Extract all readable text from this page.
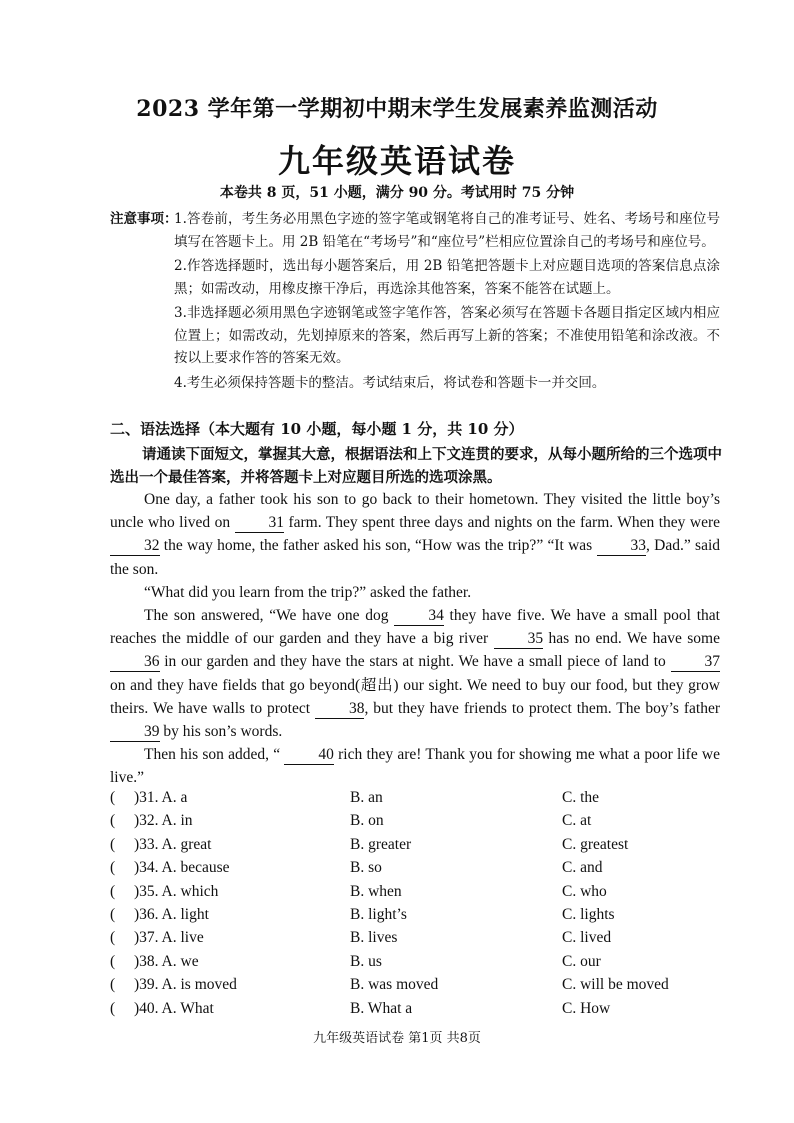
2023 学年第一学期初中期末学生发展素养监测活动
九年级英语试卷
本卷共 8 页，51 小题，满分 90 分。考试用时 75 分钟
注意事项：
1.答卷前，考生务必用黑色字迹的签字笔或钢笔将自己的准考证号、姓名、考场号和座位号填写在答题卡上。用 2B 铅笔在“考场号”和“座位号”栏相应位置涂自己的考场号和座位号。
2.作答选择题时，选出每小题答案后，用 2B 铅笔把答题卡上对应题目选项的答案信息点涂黑；如需改动，用橡皮擦干净后，再选涂其他答案，答案不能答在试题上。
3.非选择题必须用黑色字迹钢笔或签字笔作答，答案必须写在答题卡各题目指定区域内相应位置上；如需改动，先划掉原来的答案，然后再写上新的答案；不准使用铅笔和涂改液。不按以上要求作答的答案无效。
4.考生必须保持答题卡的整洁。考试结束后，将试卷和答题卡一并交回。
二、语法选择（本大题有 10 小题，每小题 1 分，共 10 分）
请通读下面短文，掌握其大意，根据语法和上下文连贯的要求，从每小题所给的三个选项中选出一个最佳答案，并将答题卡上对应题目所选的选项涂黑。

One day, a father took his son to go back to their hometown. They visited the little boy’s uncle who lived on 31 farm. They spent three days and nights on the farm. When they were32 the way home, the father asked his son, “How was the trip?” “It was 33, Dad.” said the son.

“What did you learn from the trip?” asked the father.

The son answered, “We have one dog 34 they have five. We have a small pool that reaches the middle of our garden and they have a big river 35 has no end. We have some 36 in our garden and they have the stars at night. We have a small piece of land to 37 on and they have fields that go beyond(超出) our sight. We need to buy our food, but they grow theirs. We have walls to protect 38, but they have friends to protect them. The boy’s father 39 by his son’s words.

Then his son added, “ 40 rich they are! Thank you for showing me what a poor life we live.”

( )31. A. a	B. an	C. the
( )32. A. in	B. on	C. at
( )33. A. great	B. greater	C. greatest
( )34. A. because	B. so	C. and
( )35. A. which	B. when	C. who
( )36. A. light	B. light’s	C. lights
( )37. A. live	B. lives	C. lived
( )38. A. we	B. us	C. our
( )39. A. is moved	B. was moved	C. will be moved
( )40. A. What	B. What a	C. How
九年级英语试卷 第1页 共8页
